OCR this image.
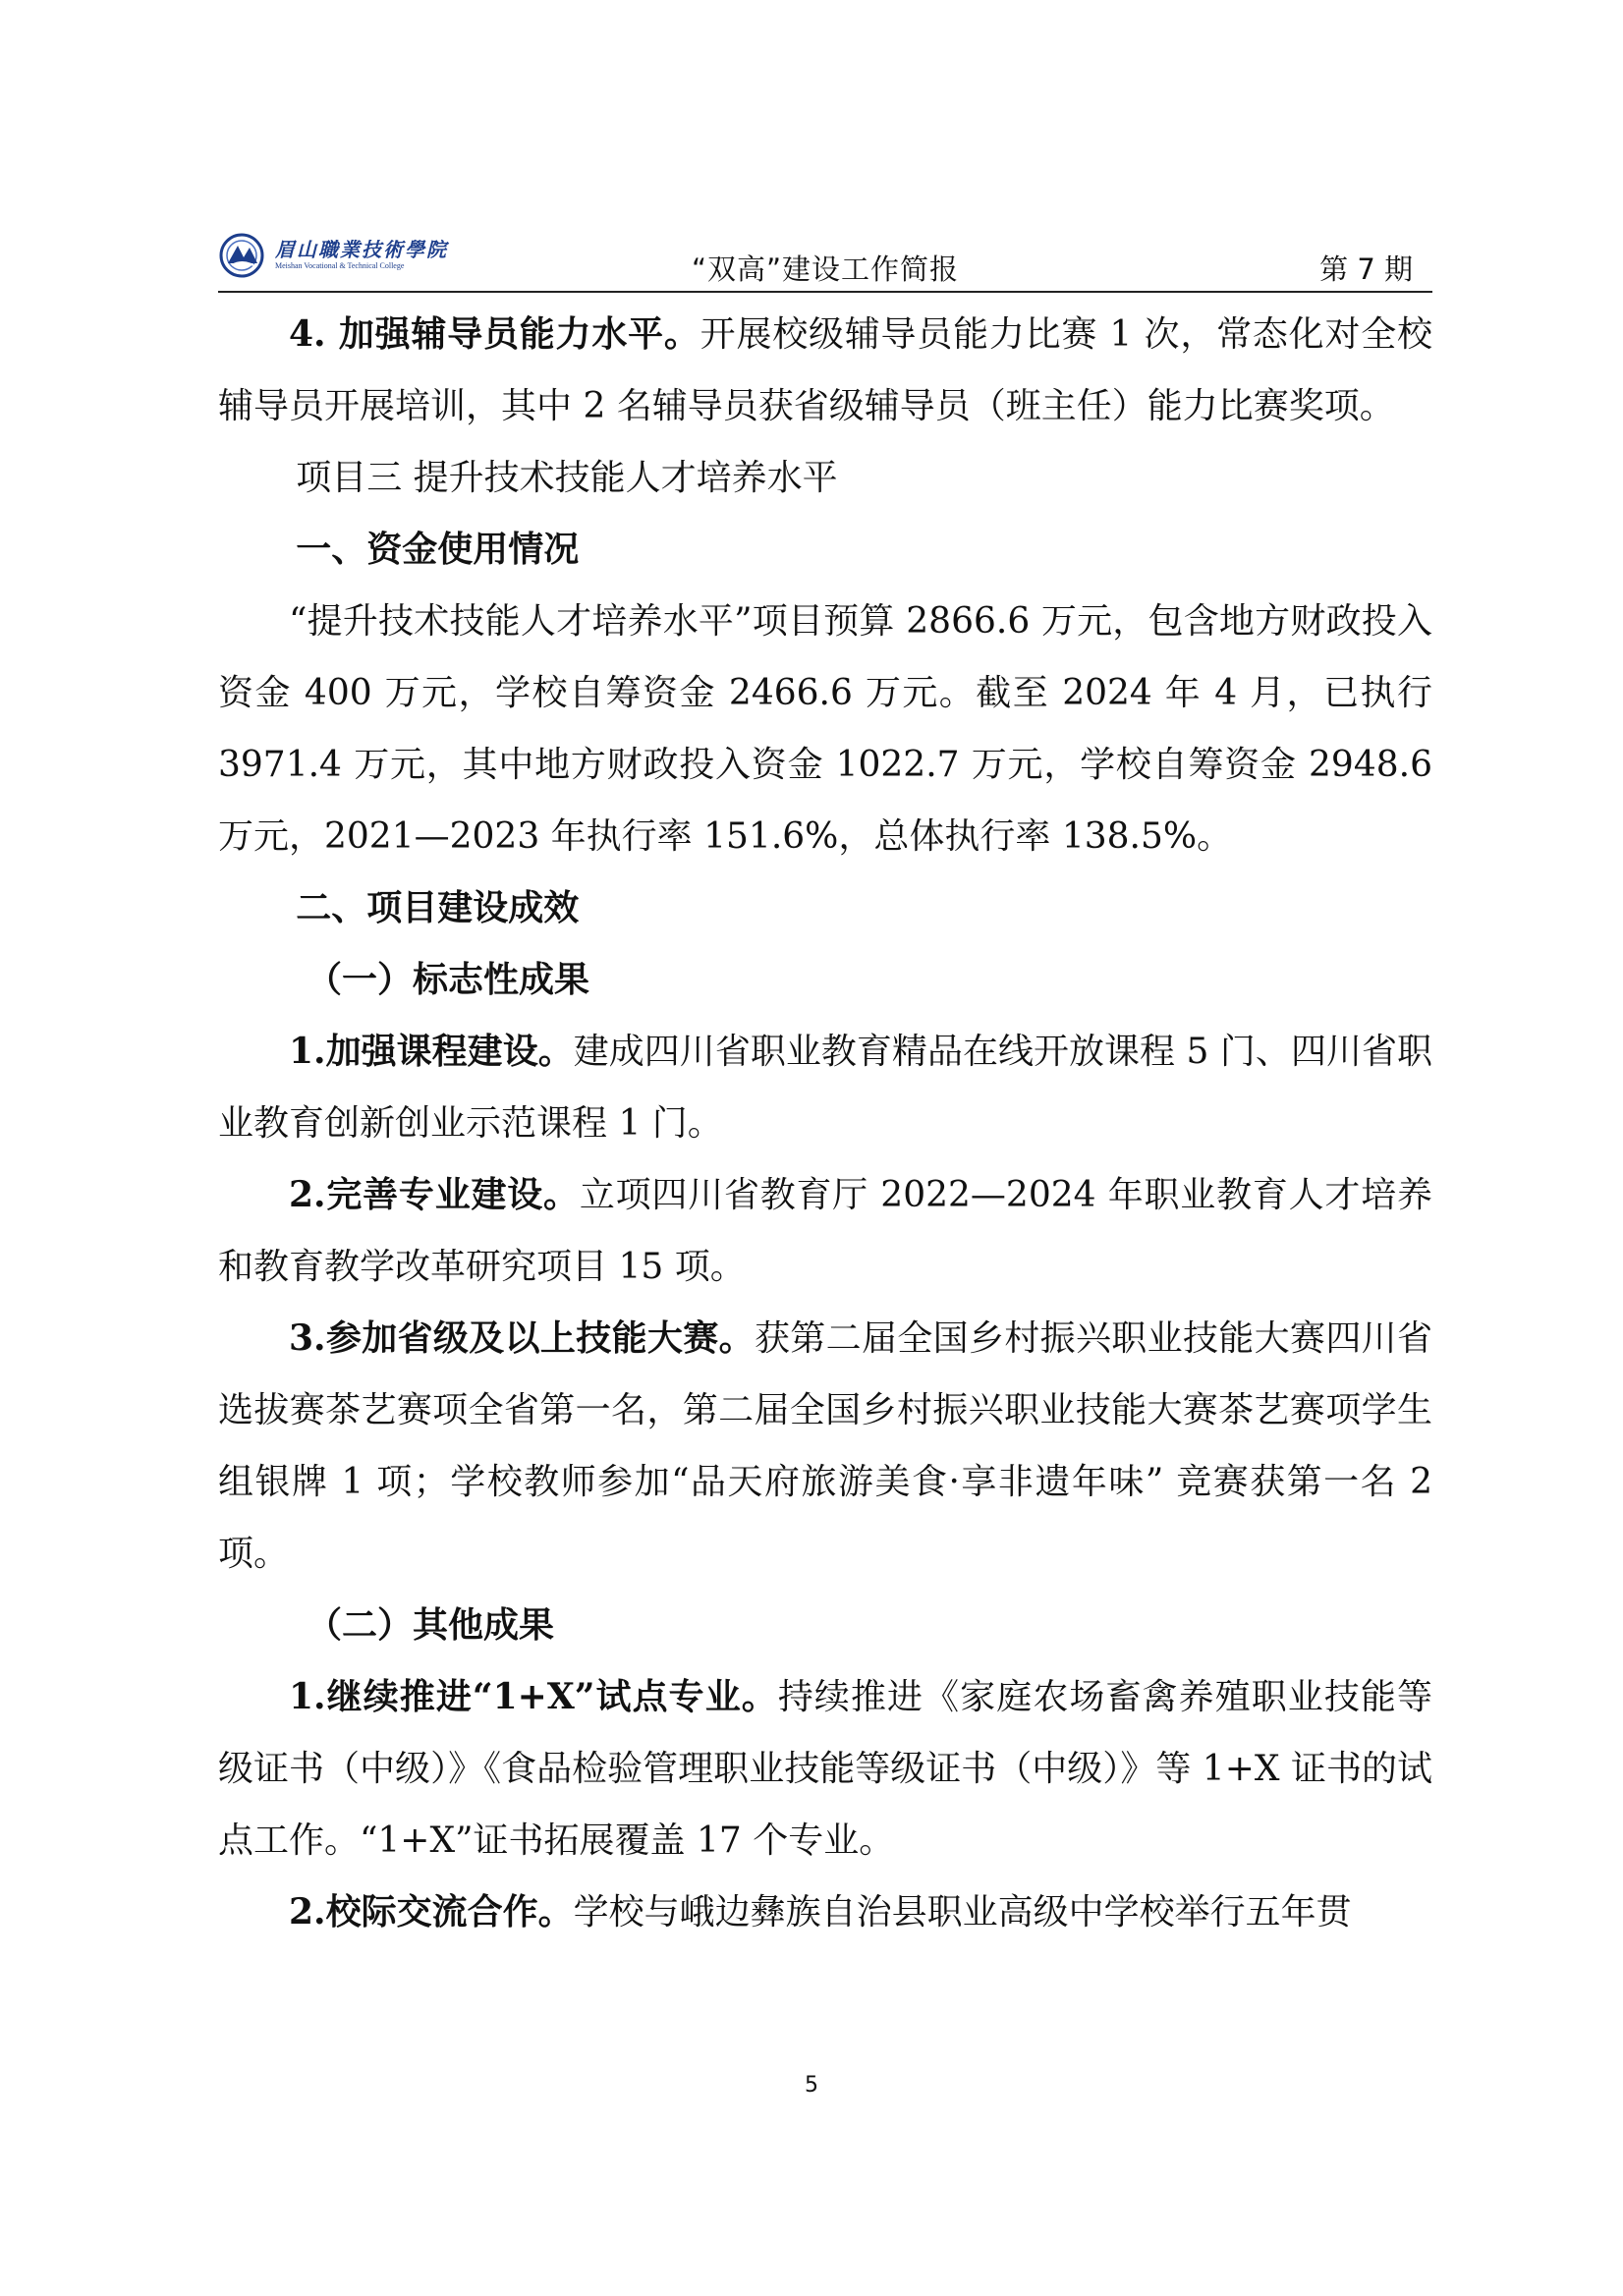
眉山職業技術學院
Meishan Vocational & Technical College	“双高”建设工作简报	第 7 期

4. 加强辅导员能力水平。开展校级辅导员能力比赛 1 次，常态化对全校辅导员开展培训，其中 2 名辅导员获省级辅导员（班主任）能力比赛奖项。

项目三 提升技术技能人才培养水平

一、资金使用情况

“提升技术技能人才培养水平”项目预算 2866.6 万元，包含地方财政投入资金 400 万元，学校自筹资金 2466.6 万元。截至 2024 年 4 月，已执行 3971.4 万元，其中地方财政投入资金 1022.7 万元，学校自筹资金 2948.6 万元，2021—2023 年执行率 151.6%，总体执行率 138.5%。

二、项目建设成效

（一）标志性成果

1.加强课程建设。建成四川省职业教育精品在线开放课程 5 门、四川省职业教育创新创业示范课程 1 门。

2.完善专业建设。立项四川省教育厅 2022—2024 年职业教育人才培养和教育教学改革研究项目 15 项。

3.参加省级及以上技能大赛。获第二届全国乡村振兴职业技能大赛四川省选拔赛茶艺赛项全省第一名，第二届全国乡村振兴职业技能大赛茶艺赛项学生组银牌 1 项；学校教师参加“品天府旅游美食·享非遗年味” 竞赛获第一名 2 项。

（二）其他成果

1.继续推进“1+X”试点专业。持续推进《家庭农场畜禽养殖职业技能等级证书（中级）》《食品检验管理职业技能等级证书（中级）》等 1+X 证书的试点工作。“1+X”证书拓展覆盖 17 个专业。

2.校际交流合作。学校与峨边彝族自治县职业高级中学校举行五年贯

5
